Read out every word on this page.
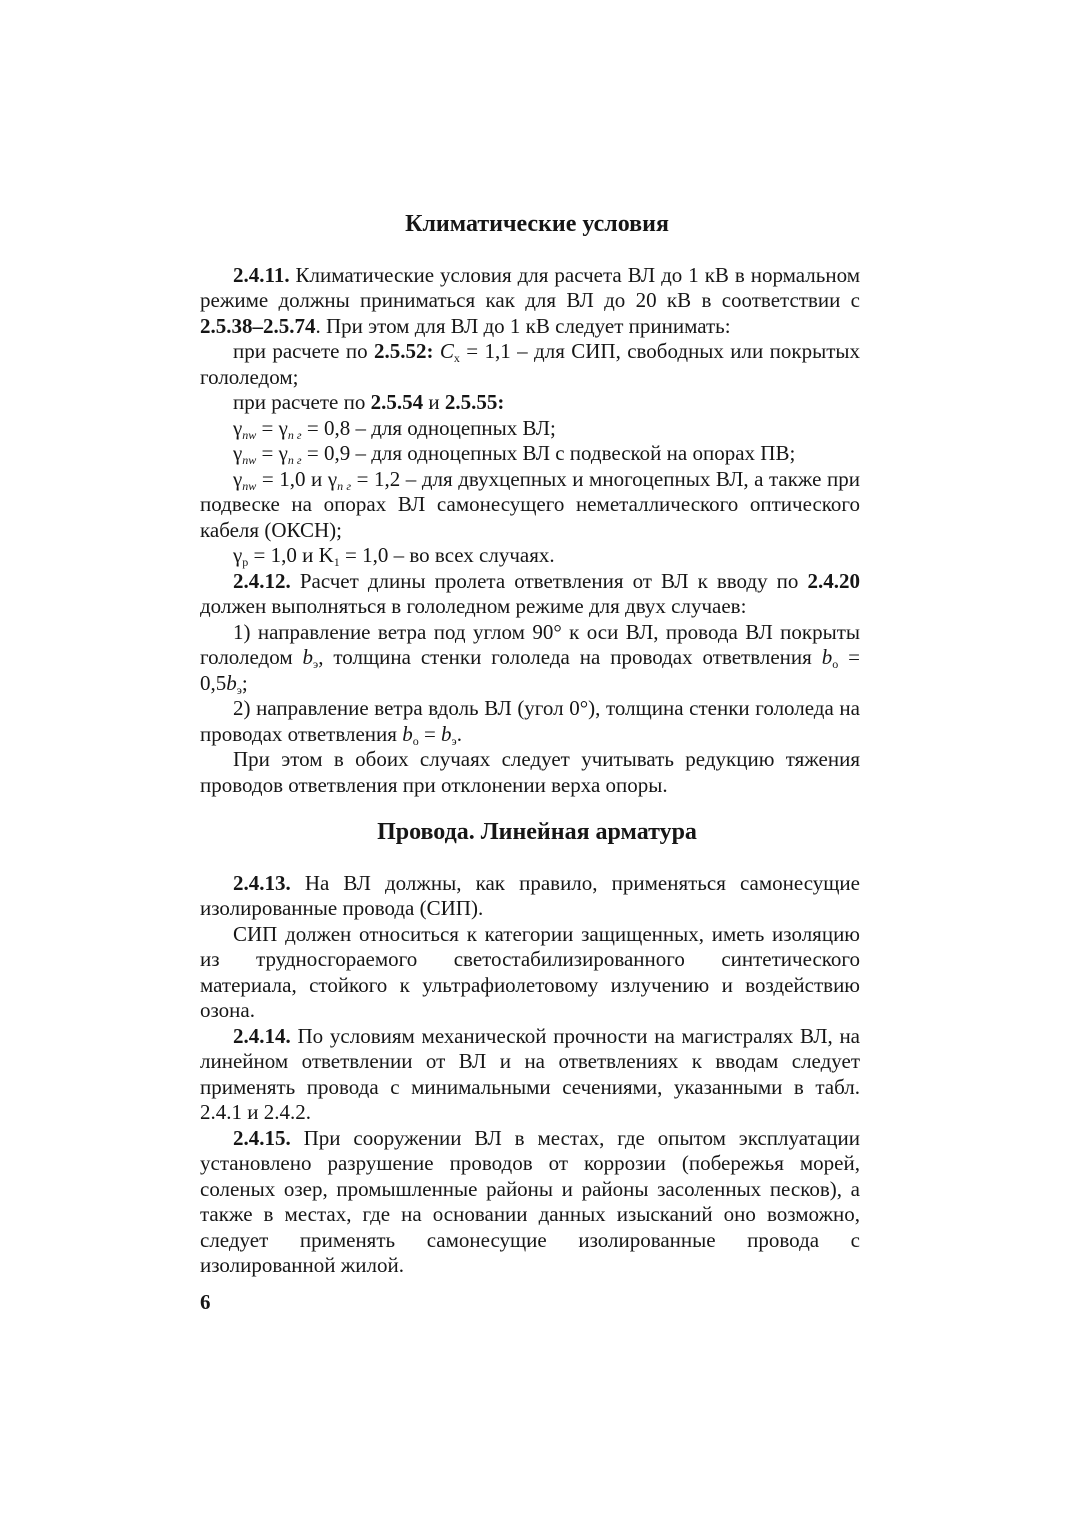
Климатические условия

2.4.11. Климатические условия для расчета ВЛ до 1 кВ в нормальном режиме должны приниматься как для ВЛ до 20 кВ в соответствии с 2.5.38–2.5.74. При этом для ВЛ до 1 кВ следует принимать:

при расчете по 2.5.52: $C_x = 1,1$ – для СИП, свободных или покрытых гололедом;

при расчете по 2.5.54 и 2.5.55:

$\gamma_{nw} = \gamma_{n г} = 0,8$ – для одноцепных ВЛ;

$\gamma_{nw} = \gamma_{n г} = 0,9$ – для одноцепных ВЛ с подвеской на опорах ПВ;

$\gamma_{nw} = 1,0$ и $\gamma_{n г} = 1,2$ – для двухцепных и многоцепных ВЛ, а также при подвеске на опорах ВЛ самонесущего неметаллического оптического кабеля (ОКСН);

$\gamma_р = 1,0$ и $K_1 = 1,0$ – во всех случаях.

2.4.12. Расчет длины пролета ответвления от ВЛ к вводу по 2.4.20 должен выполняться в гололедном режиме для двух случаев:

1) направление ветра под углом 90° к оси ВЛ, провода ВЛ покрыты гололедом $b_э$, толщина стенки гололеда на проводах ответвления $b_о = 0,5b_э$;

2) направление ветра вдоль ВЛ (угол 0°), толщина стенки гололеда на проводах ответвления $b_о = b_э$.

При этом в обоих случаях следует учитывать редукцию тяжения проводов ответвления при отклонении верха опоры.

Провода. Линейная арматура

2.4.13. На ВЛ должны, как правило, применяться самонесущие изолированные провода (СИП).

СИП должен относиться к категории защищенных, иметь изоляцию из трудносгораемого светостабилизированного синтетического материала, стойкого к ультрафиолетовому излучению и воздействию озона.

2.4.14. По условиям механической прочности на магистралях ВЛ, на линейном ответвлении от ВЛ и на ответвлениях к вводам следует применять провода с минимальными сечениями, указанными в табл. 2.4.1 и 2.4.2.

2.4.15. При сооружении ВЛ в местах, где опытом эксплуатации установлено разрушение проводов от коррозии (побережья морей, соленых озер, промышленные районы и районы засоленных песков), а также в местах, где на основании данных изысканий оно возможно, следует применять самонесущие изолированные провода с изолированной жилой.

6
